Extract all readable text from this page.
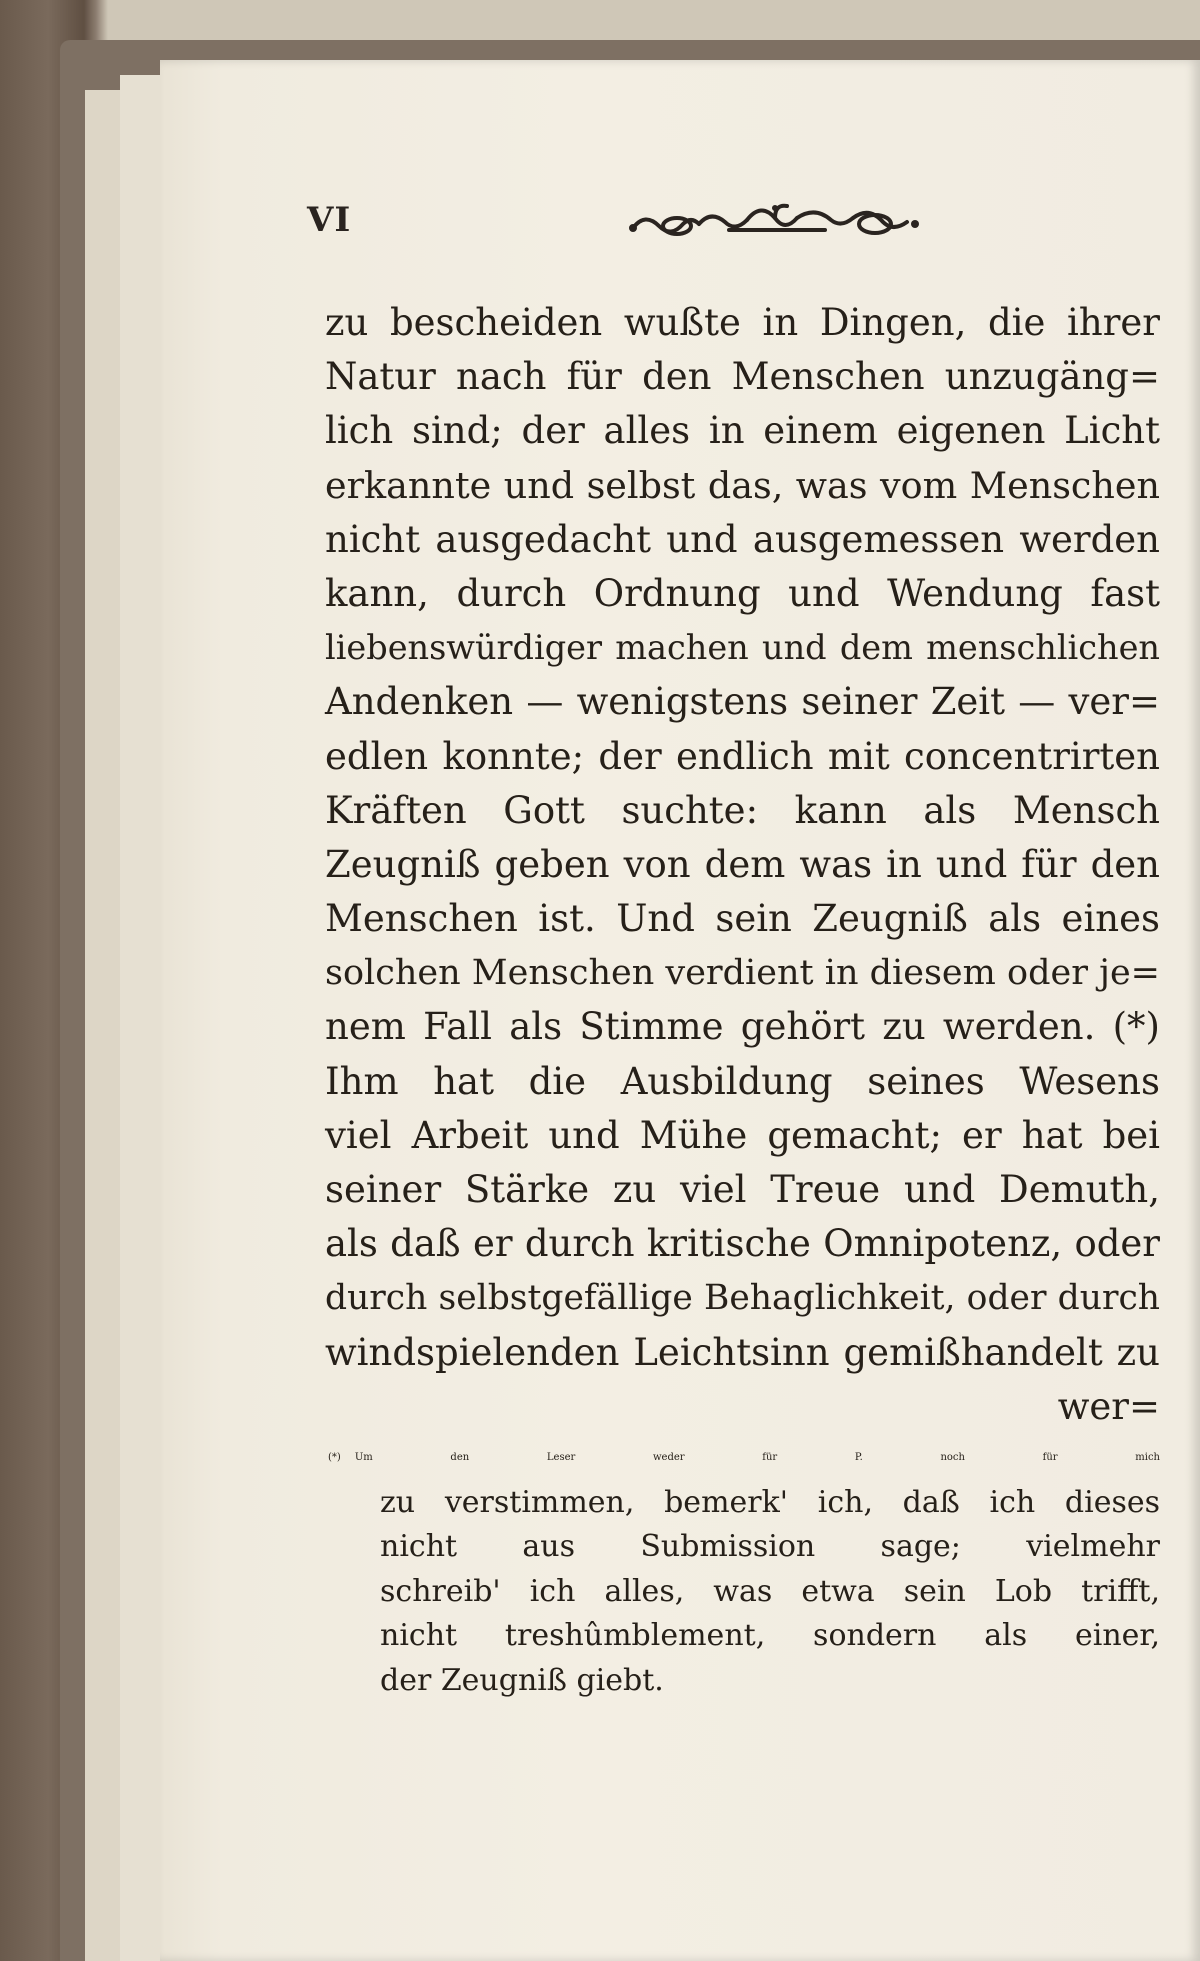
VI
zu bescheiden wußte in Dingen, die ihrer
Natur nach für den Menschen unzugäng=
lich sind; der alles in einem eigenen Licht
erkannte und selbst das, was vom Menschen
nicht ausgedacht und ausgemessen werden
kann, durch Ordnung und Wendung fast
liebenswürdiger machen und dem menschlichen
Andenken — wenigstens seiner Zeit — ver=
edlen konnte; der endlich mit concentrirten
Kräften Gott suchte: kann als Mensch
Zeugniß geben von dem was in und für den
Menschen ist. Und sein Zeugniß als eines
solchen Menschen verdient in diesem oder je=
nem Fall als Stimme gehört zu werden. (*)
Ihm hat die Ausbildung seines Wesens
viel Arbeit und Mühe gemacht; er hat bei
seiner Stärke zu viel Treue und Demuth,
als daß er durch kritische Omnipotenz, oder
durch selbstgefällige Behaglichkeit, oder durch
windspielenden Leichtsinn gemißhandelt zu
wer=
(*) Um den Leser weder für P. noch für mich
zu verstimmen, bemerk' ich, daß ich dieses
nicht aus Submission sage; vielmehr
schreib' ich alles, was etwa sein Lob trifft,
nicht treshûmblement, sondern als einer,
der Zeugniß giebt.
